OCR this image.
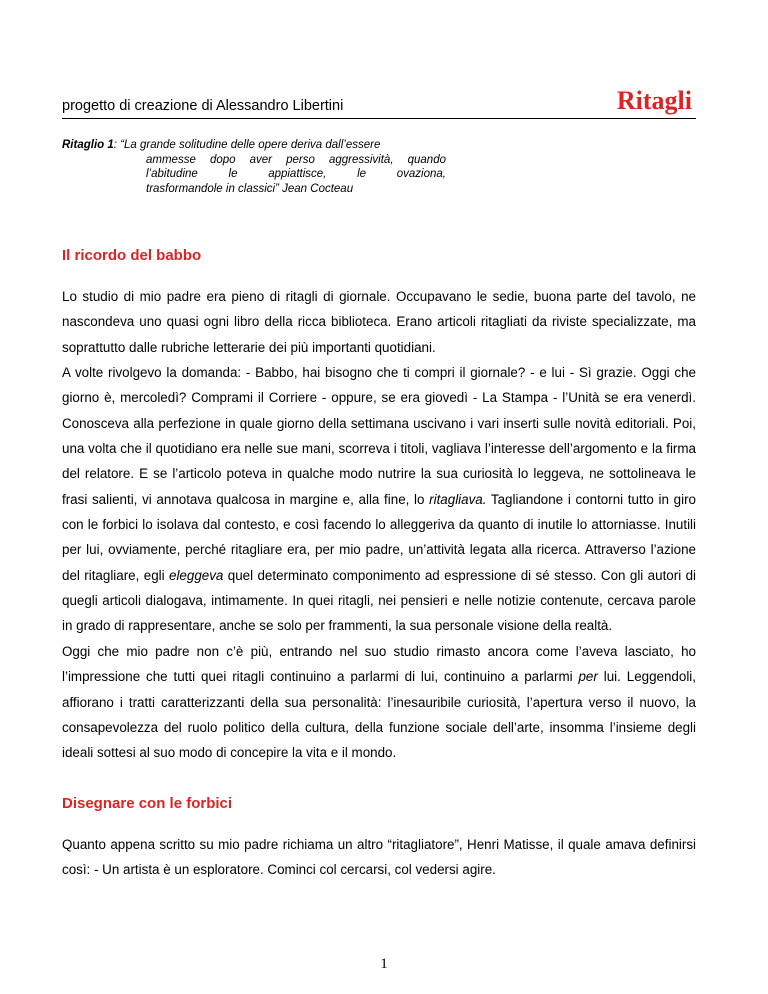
progetto di creazione di Alessandro Libertini	Ritagli
Ritaglio 1: “La grande solitudine delle opere deriva dall’essere
ammesse dopo aver perso aggressività, quando
l’abitudine le appiattisce, le ovaziona,
trasformandole in classici” Jean Cocteau
Il ricordo del babbo

Lo studio di mio padre era pieno di ritagli di giornale. Occupavano le sedie, buona parte del tavolo, ne nascondeva uno quasi ogni libro della ricca biblioteca. Erano articoli ritagliati da riviste specializzate, ma soprattutto dalle rubriche letterarie dei più importanti quotidiani.

A volte rivolgevo la domanda: - Babbo, hai bisogno che ti compri il giornale? - e lui - Sì grazie. Oggi che giorno è, mercoledì? Comprami il Corriere - oppure, se era giovedì - La Stampa - l’Unità se era venerdì. Conosceva alla perfezione in quale giorno della settimana uscivano i vari inserti sulle novità editoriali. Poi, una volta che il quotidiano era nelle sue mani, scorreva i titoli, vagliava l’interesse dell’argomento e la firma del relatore. E se l’articolo poteva in qualche modo nutrire la sua curiosità lo leggeva, ne sottolineava le frasi salienti, vi annotava qualcosa in margine e, alla fine, lo ritagliava. Tagliandone i contorni tutto in giro con le forbici lo isolava dal contesto, e così facendo lo alleggeriva da quanto di inutile lo attorniasse. Inutili per lui, ovviamente, perché ritagliare era, per mio padre, un’attività legata alla ricerca. Attraverso l’azione del ritagliare, egli eleggeva quel determinato componimento ad espressione di sé stesso. Con gli autori di quegli articoli dialogava, intimamente. In quei ritagli, nei pensieri e nelle notizie contenute, cercava parole in grado di rappresentare, anche se solo per frammenti, la sua personale visione della realtà.

Oggi che mio padre non c’è più, entrando nel suo studio rimasto ancora come l’aveva lasciato, ho l’impressione che tutti quei ritagli continuino a parlarmi di lui, continuino a parlarmi per lui. Leggendoli, affiorano i tratti caratterizzanti della sua personalità: l’inesauribile curiosità, l’apertura verso il nuovo, la consapevolezza del ruolo politico della cultura, della funzione sociale dell’arte, insomma l’insieme degli ideali sottesi al suo modo di concepire la vita e il mondo.

Disegnare con le forbici

Quanto appena scritto su mio padre richiama un altro “ritagliatore”, Henri Matisse, il quale amava definirsi così: - Un artista è un esploratore. Cominci col cercarsi, col vedersi agire.

1
